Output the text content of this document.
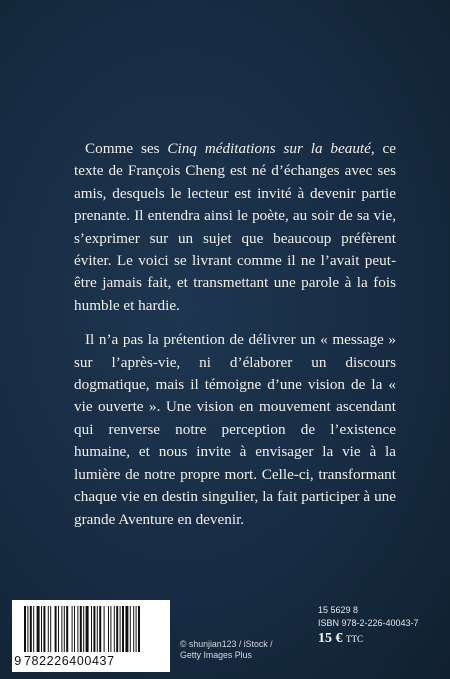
Comme ses Cinq méditations sur la beauté, ce texte de François Cheng est né d’échanges avec ses amis, desquels le lecteur est invité à devenir partie prenante. Il entendra ainsi le poète, au soir de sa vie, s’exprimer sur un sujet que beaucoup préfèrent éviter. Le voici se livrant comme il ne l’avait peut-être jamais fait, et transmettant une parole à la fois humble et hardie.

Il n’a pas la prétention de délivrer un « message » sur l’après-vie, ni d’élaborer un discours dogmatique, mais il témoigne d’une vision de la « vie ouverte ». Une vision en mouvement ascendant qui renverse notre perception de l’existence humaine, et nous invite à envisager la vie à la lumière de notre propre mort. Celle-ci, transformant chaque vie en destin singulier, la fait participer à une grande Aventure en devenir.

9 782226400437
© shunjian123 / iStock /
Getty Images Plus
15 5629 8
ISBN 978-2-226-40043-7
15 € TTC
